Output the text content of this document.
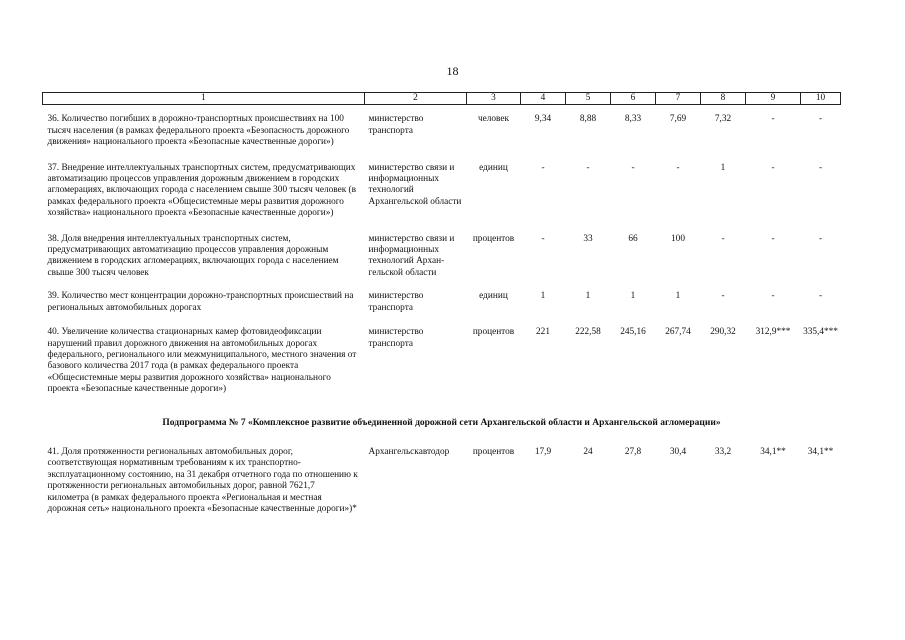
18
1	2	3	4	5	6	7	8	9	10
36. Количество погибших в дорожно-транспортных происшествиях на 100 тысяч населения (в рамках федерального проекта «Безопасность дорожного движения» национального проекта «Безопасные качественные дороги»)	министерство транспорта	человек	9,34	8,88	8,33	7,69	7,32	-	-
37. Внедрение интеллектуальных транспортных систем, предусматривающих автоматизацию процессов управления дорожным движением в городских агломерациях, включающих города с населением свыше 300 тысяч человек (в рамках федерального проекта «Общесистемные меры развития дорожного хозяйства» национального проекта «Безопасные качественные дороги»)	министерство связи и информационных технологий Архангельской области	единиц	-	-	-	-	1	-	-
38. Доля внедрения интеллектуальных транспортных систем, предусматривающих автоматизацию процессов управления дорожным движением в городских агломерациях, включающих города с населением свыше 300 тысяч человек	министерство связи и информационных технологий Архан-гельской области	процентов	-	33	66	100	-	-	-
39. Количество мест концентрации дорожно-транспортных происшествий на региональных автомобильных дорогах	министерство транспорта	единиц	1	1	1	1	-	-	-
40. Увеличение количества стационарных камер фотовидеофиксации нарушений правил дорожного движения на автомобильных дорогах федерального, регионального или межмуниципального, местного значения от базового количества 2017 года (в рамках федерального проекта «Общесистемные меры развития дорожного хозяйства» национального проекта «Безопасные качественные дороги»)	министерство транспорта	процентов	221	222,58	245,16	267,74	290,32	312,9***	335,4***
Подпрограмма № 7 «Комплексное развитие объединенной дорожной сети Архангельской области и Архангельской агломерации»									
41. Доля протяженности региональных автомобильных дорог, соответствующая нормативным требованиям к их транспортно-эксплуатационному состоянию, на 31 декабря отчетного года по отношению к протяженности региональных автомобильных дорог, равной 7621,7 километра (в рамках федерального проекта «Региональная и местная дорожная сеть» национального проекта «Безопасные качественные дороги»)*	Архангельскавтодор	процентов	17,9	24	27,8	30,4	33,2	34,1**	34,1**
